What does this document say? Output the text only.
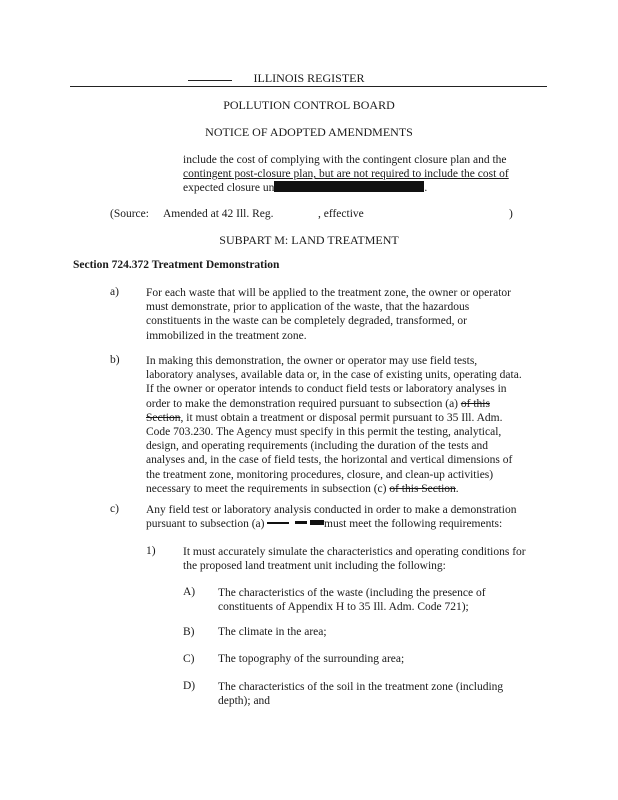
ILLINOIS REGISTER

POLLUTION CONTROL BOARD

NOTICE OF ADOPTED AMENDMENTS

include the cost of complying with the contingent closure plan and the
contingent post-closure plan, but are not required to include the cost of
expected closure un	.

(Source: Amended at 42 Ill. Reg.	, effective	)

SUBPART M: LAND TREATMENT

Section 724.372 Treatment Demonstration

a) For each waste that will be applied to the treatment zone, the owner or operator
must demonstrate, prior to application of the waste, that the hazardous
constituents in the waste can be completely degraded, transformed, or
immobilized in the treatment zone.

b) In making this demonstration, the owner or operator may use field tests,
laboratory analyses, available data or, in the case of existing units, operating data.
If the owner or operator intends to conduct field tests or laboratory analyses in
order to make the demonstration required pursuant to subsection (a) of this
Section, it must obtain a treatment or disposal permit pursuant to 35 Ill. Adm.
Code 703.230. The Agency must specify in this permit the testing, analytical,
design, and operating requirements (including the duration of the tests and
analyses and, in the case of field tests, the horizontal and vertical dimensions of
the treatment zone, monitoring procedures, closure, and clean-up activities)
necessary to meet the requirements in subsection (c) of this Section.

c) Any field test or laboratory analysis conducted in order to make a demonstration
pursuant to subsection (a)	must meet the following requirements:

1) It must accurately simulate the characteristics and operating conditions for
the proposed land treatment unit including the following:

A) The characteristics of the waste (including the presence of
constituents of Appendix H to 35 Ill. Adm. Code 721);

B) The climate in the area;

C) The topography of the surrounding area;

D) The characteristics of the soil in the treatment zone (including
depth); and
